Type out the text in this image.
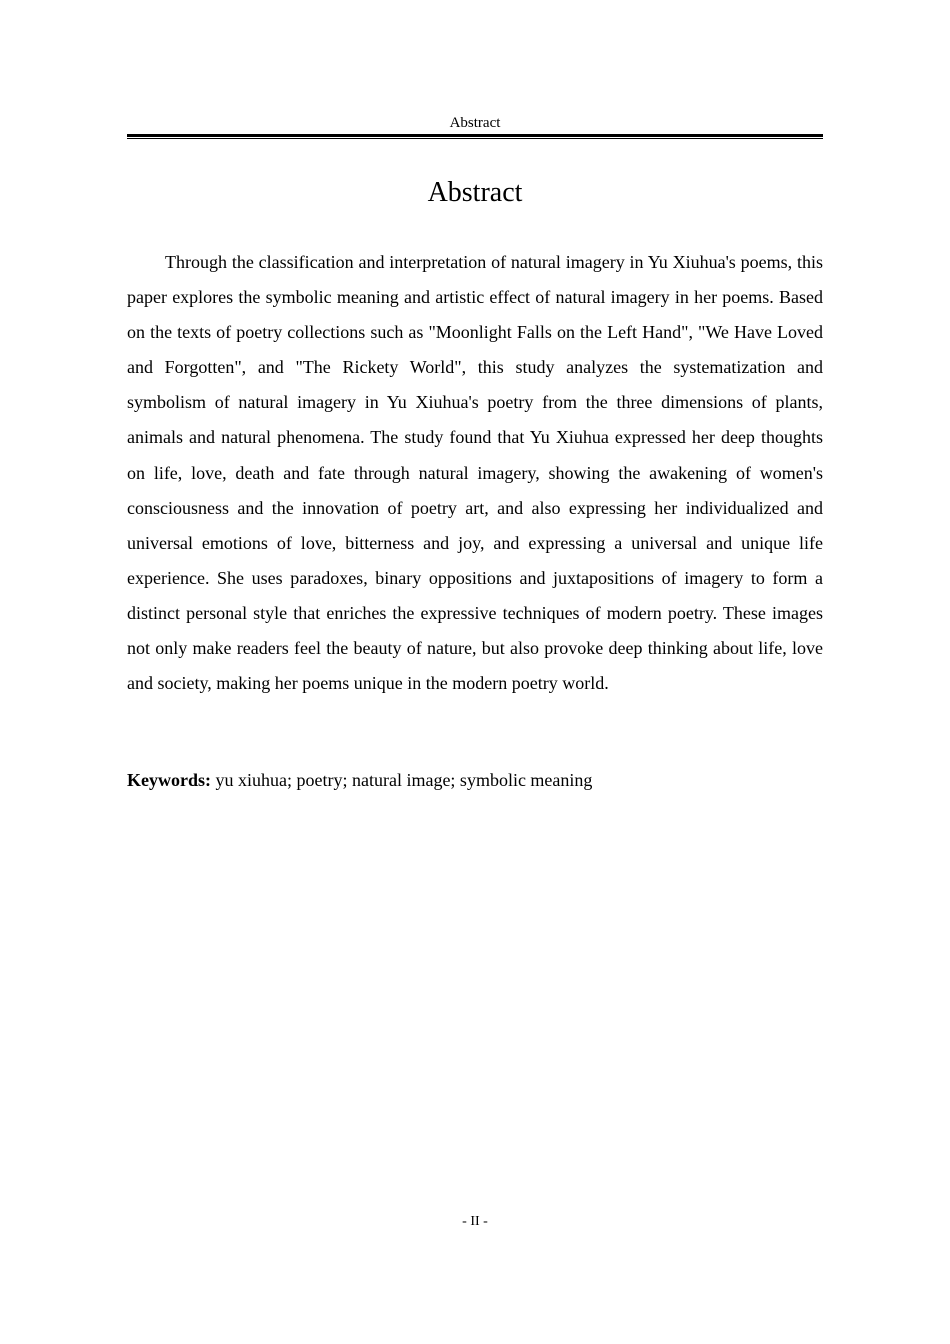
Abstract
Abstract

Through the classification and interpretation of natural imagery in Yu Xiuhua's poems, this paper explores the symbolic meaning and artistic effect of natural imagery in her poems. Based on the texts of poetry collections such as "Moonlight Falls on the Left Hand", "We Have Loved and Forgotten", and "The Rickety World", this study analyzes the systematization and symbolism of natural imagery in Yu Xiuhua's poetry from the three dimensions of plants, animals and natural phenomena. The study found that Yu Xiuhua expressed her deep thoughts on life, love, death and fate through natural imagery, showing the awakening of women's consciousness and the innovation of poetry art, and also expressing her individualized and universal emotions of love, bitterness and joy, and expressing a universal and unique life experience. She uses paradoxes, binary oppositions and juxtapositions of imagery to form a distinct personal style that enriches the expressive techniques of modern poetry. These images not only make readers feel the beauty of nature, but also provoke deep thinking about life, love and society, making her poems unique in the modern poetry world.

Keywords: yu xiuhua; poetry; natural image; symbolic meaning

- II -
